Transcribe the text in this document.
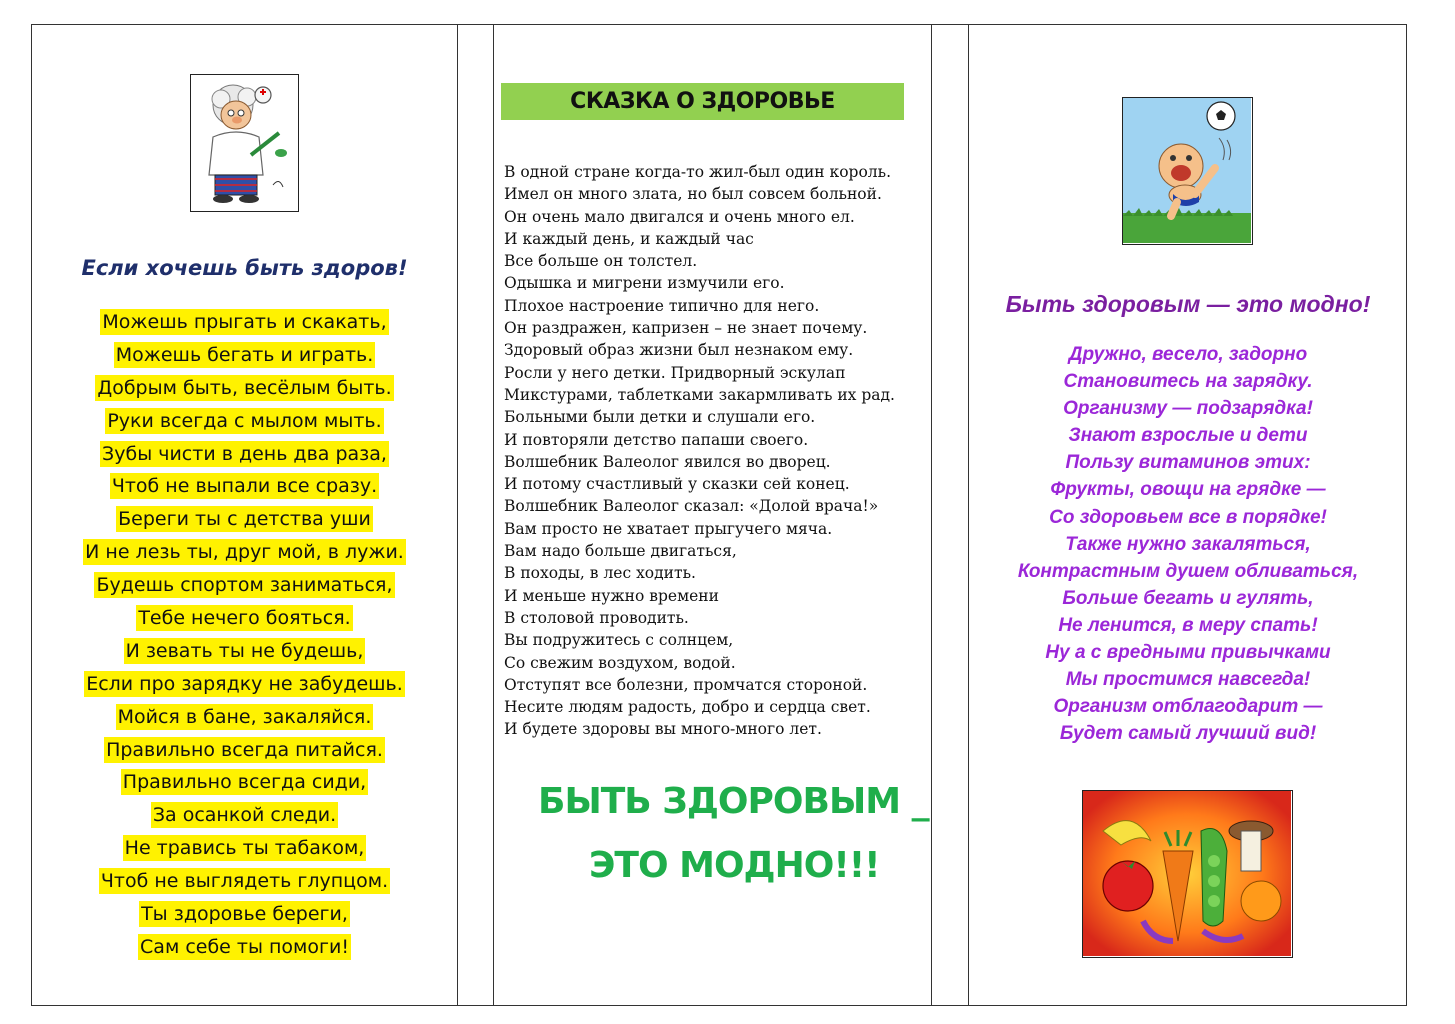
Если хочешь быть здоров!
Можешь прыгать и скакать,
Можешь бегать и играть.
Добрым быть, весёлым быть.
Руки всегда с мылом мыть.
Зубы чисти в день два раза,
Чтоб не выпали все сразу.
Береги ты с детства уши
И не лезь ты, друг мой, в лужи.
Будешь спортом заниматься,
Тебе нечего бояться.
И зевать ты не будешь,
Если про зарядку не забудешь.
Мойся в бане, закаляйся.
Правильно всегда питайся.
Правильно всегда сиди,
За осанкой следи.
Не травись ты табаком,
Чтоб не выглядеть глупцом.
Ты здоровье береги,
Сам себе ты помоги!
СКАЗКА О ЗДОРОВЬЕ
В одной стране когда-то жил-был один король.
Имел он много злата, но был совсем больной.
Он очень мало двигался и очень много ел.
И каждый день, и каждый час
Все больше он толстел.
Одышка и мигрени измучили его.
Плохое настроение типично для него.
Он раздражен, капризен – не знает почему.
Здоровый образ жизни был незнаком ему.
Росли у него детки. Придворный эскулап
Микстурами, таблетками закармливать их рад.
Больными были детки и слушали его.
И повторяли детство папаши своего.
Волшебник Валеолог явился во дворец.
И потому счастливый у сказки сей конец.
Волшебник Валеолог сказал: «Долой врача!»
Вам просто не хватает прыгучего мяча.
Вам надо больше двигаться,
В походы, в лес ходить.
И меньше нужно времени
В столовой проводить.
Вы подружитесь с солнцем,
Со свежим воздухом, водой.
Отступят все болезни, промчатся стороной.
Несите людям радость, добро и сердца свет.
И будете здоровы вы много-много лет.
БЫТЬ ЗДОРОВЫМ _
ЭТО МОДНО!!!
Быть здоровым — это модно!
Дружно, весело, задорно
Становитесь на зарядку.
Организму — подзарядка!
Знают взрослые и дети
Пользу витаминов этих:
Фрукты, овощи на грядке —
Со здоровьем все в порядке!
Также нужно закаляться,
Контрастным душем обливаться,
Больше бегать и гулять,
Не ленится, в меру спать!
Ну а с вредными привычками
Мы простимся навсегда!
Организм отблагодарит —
Будет самый лучший вид!
